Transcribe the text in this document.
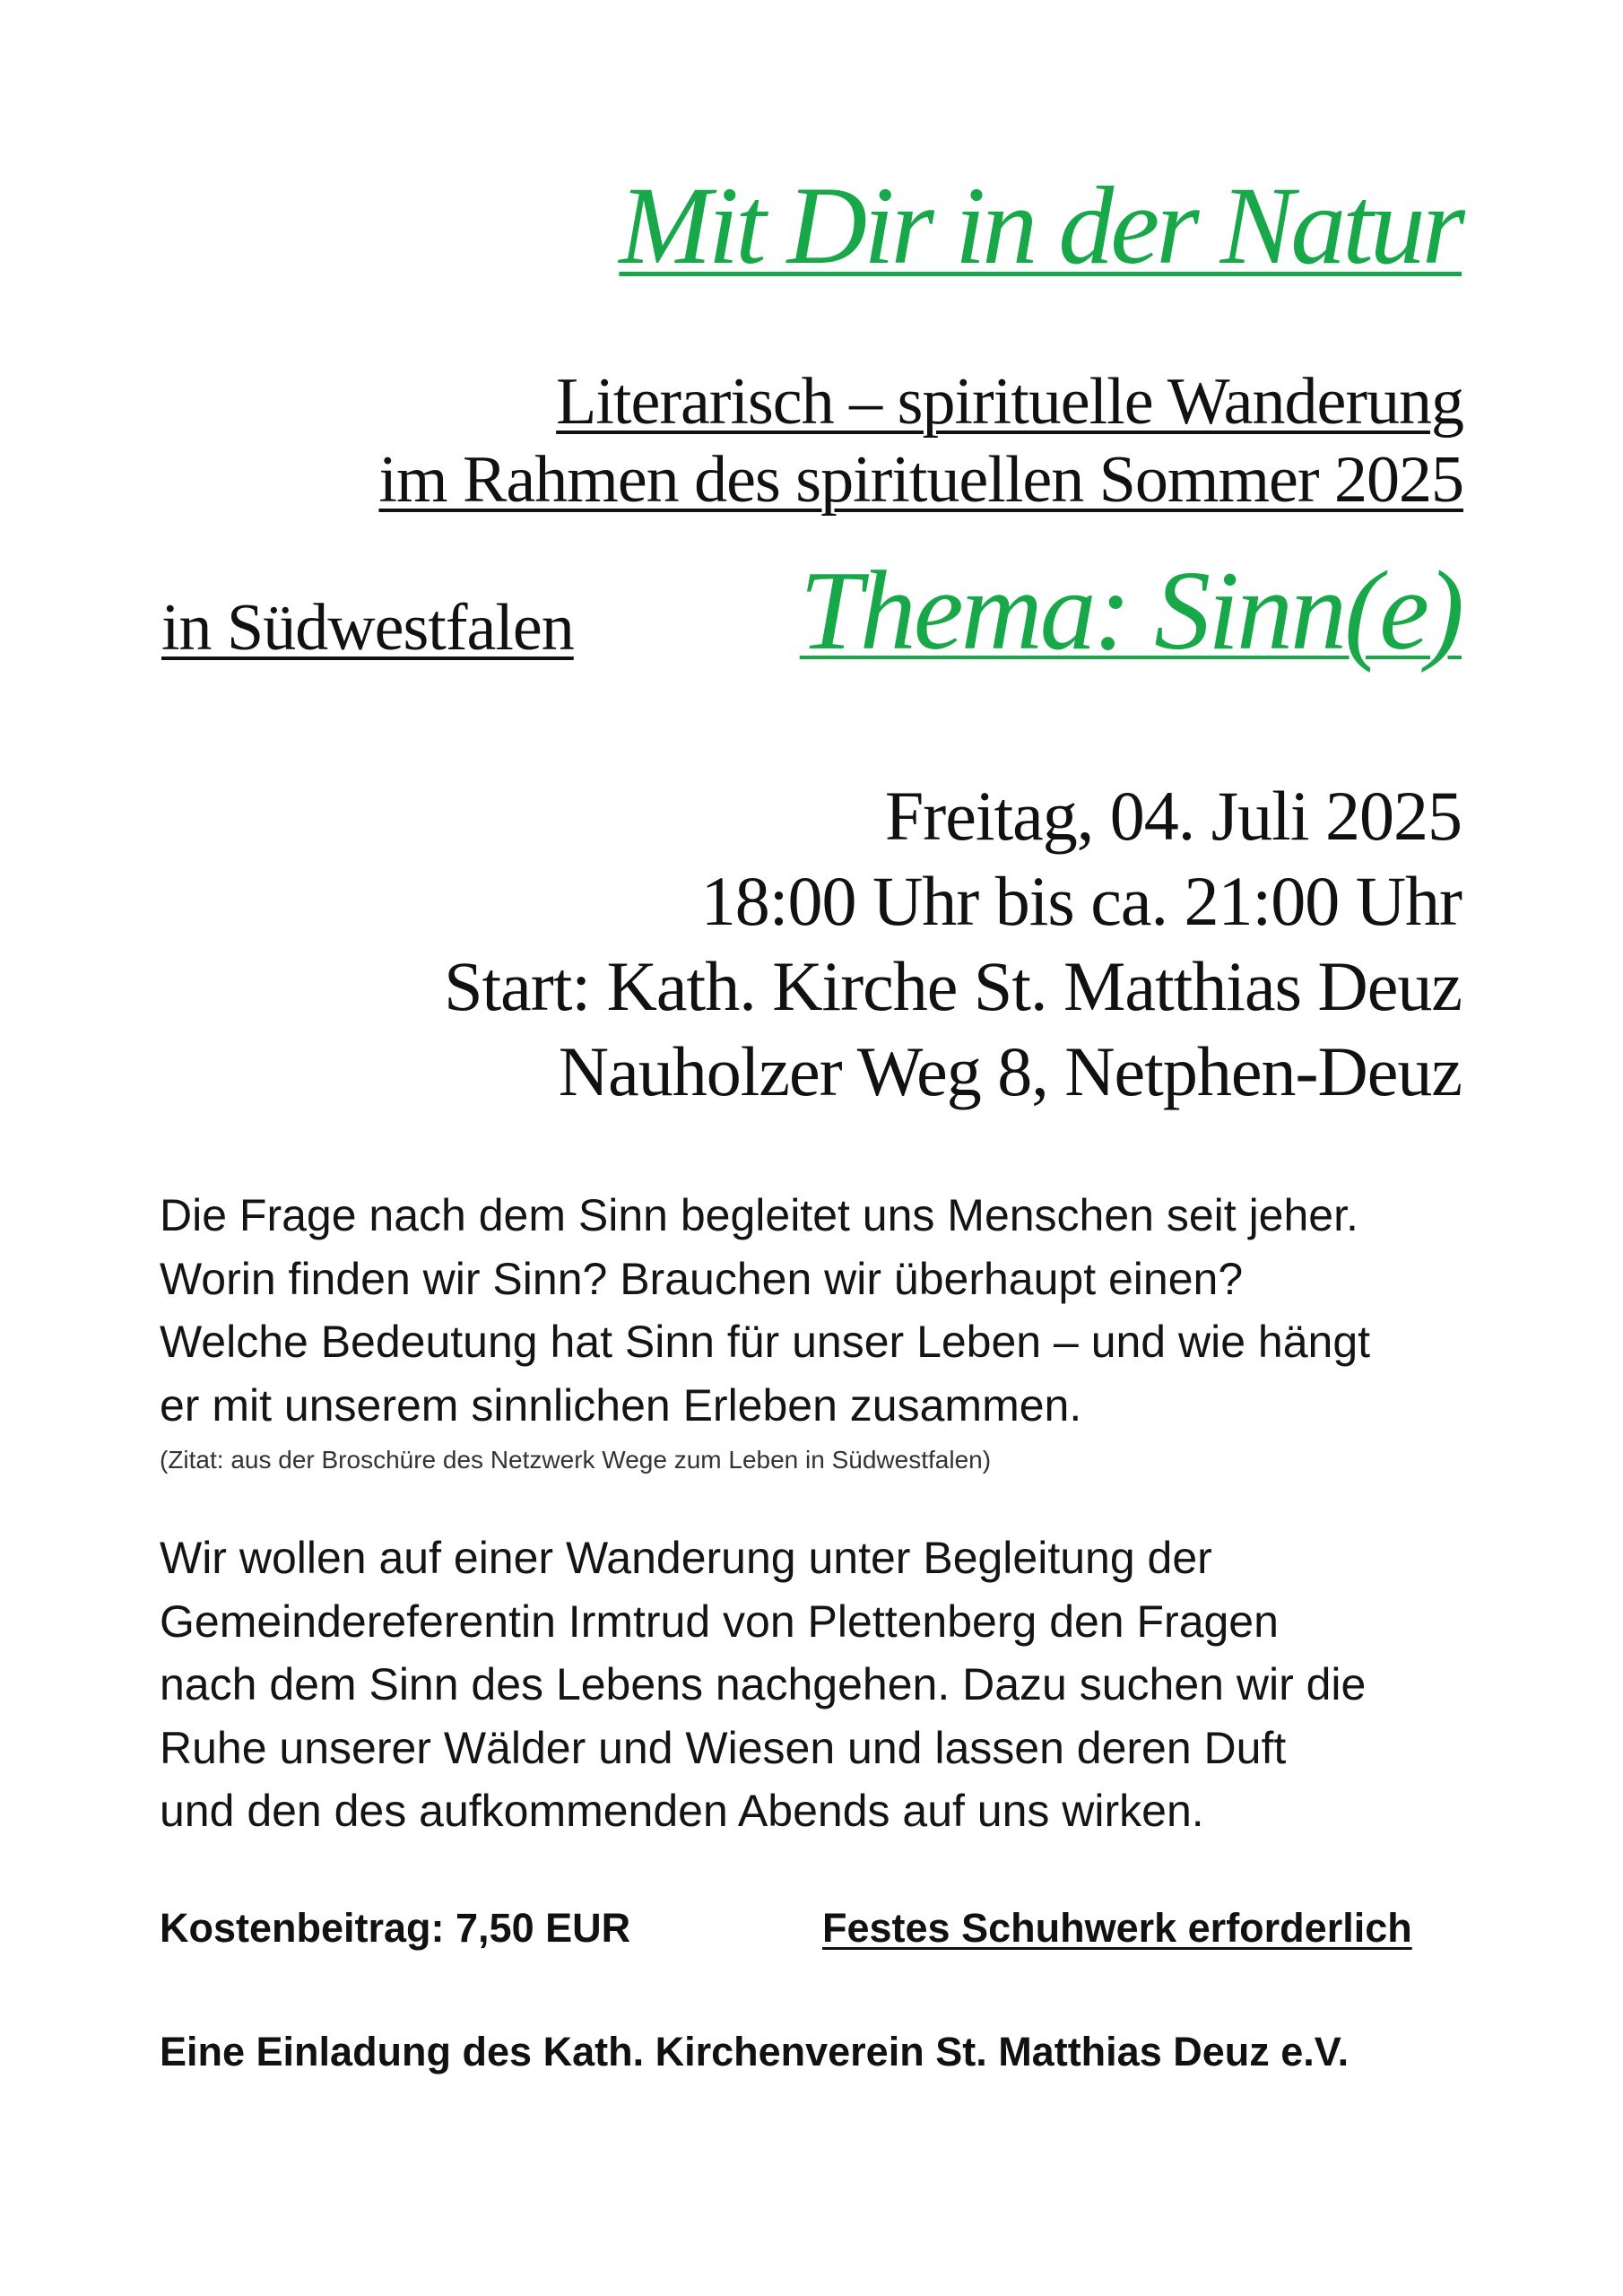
Mit Dir in der Natur
Literarisch – spirituelle Wanderung
im Rahmen des spirituellen Sommer 2025
in Südwestfalen Thema: Sinn(e)
Freitag, 04. Juli 2025
18:00 Uhr bis ca. 21:00 Uhr
Start: Kath. Kirche St. Matthias Deuz
Nauholzer Weg 8, Netphen-Deuz
Die Frage nach dem Sinn begleitet uns Menschen seit jeher.
Worin finden wir Sinn? Brauchen wir überhaupt einen?
Welche Bedeutung hat Sinn für unser Leben – und wie hängt
er mit unserem sinnlichen Erleben zusammen.
(Zitat: aus der Broschüre des Netzwerk Wege zum Leben in Südwestfalen)
Wir wollen auf einer Wanderung unter Begleitung der
Gemeindereferentin Irmtrud von Plettenberg den Fragen
nach dem Sinn des Lebens nachgehen. Dazu suchen wir die
Ruhe unserer Wälder und Wiesen und lassen deren Duft
und den des aufkommenden Abends auf uns wirken.
Kostenbeitrag: 7,50 EUR	Festes Schuhwerk erforderlich
Eine Einladung des Kath. Kirchenverein St. Matthias Deuz e.V.
